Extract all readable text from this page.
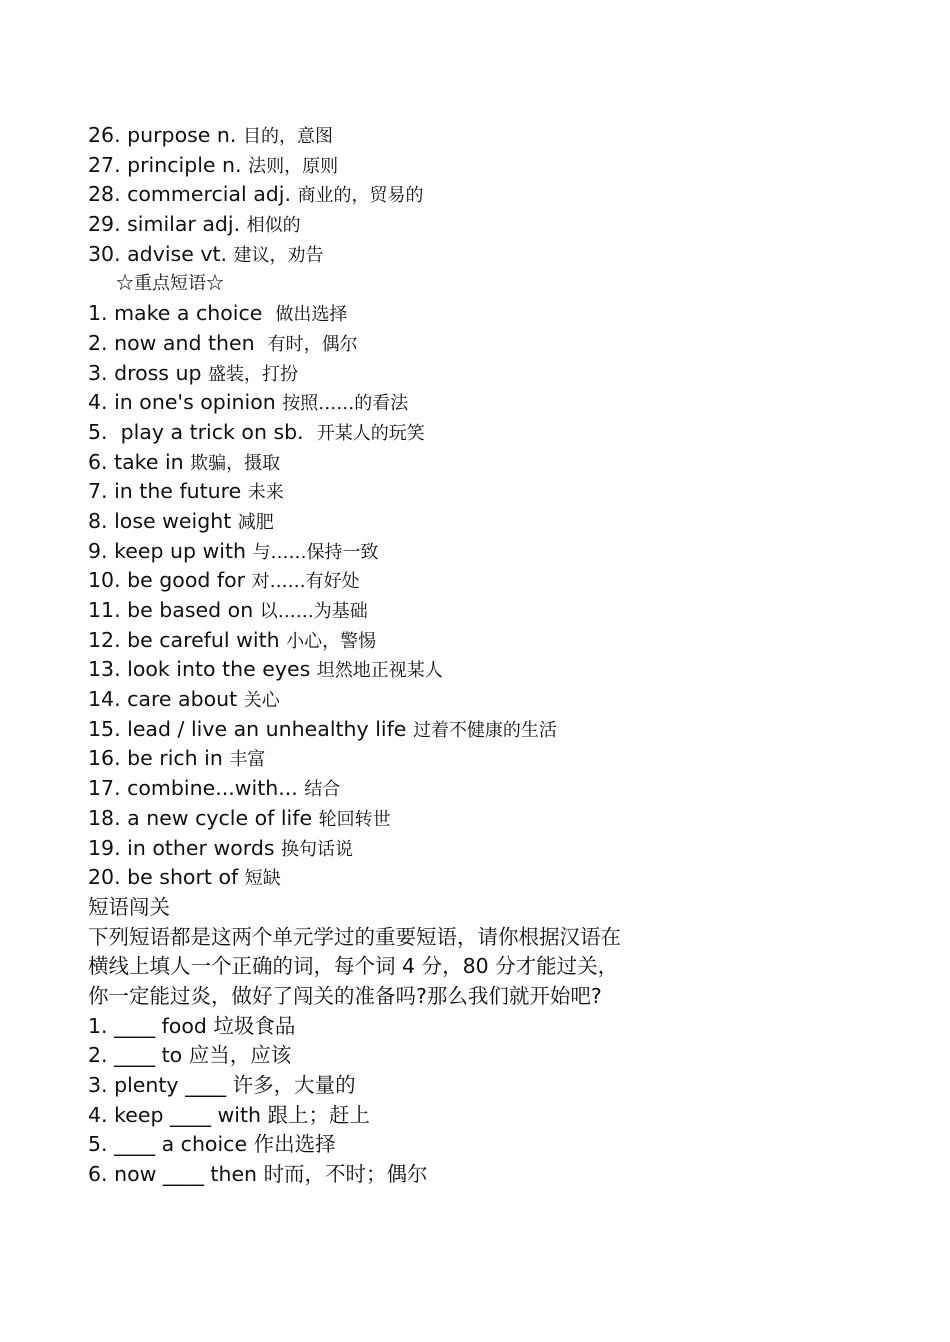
26. purpose n. 目的，意图
27. principle n. 法则，原则
28. commercial adj. 商业的，贸易的
29. similar adj. 相似的
30. advise vt. 建议，劝告
☆重点短语☆
1. make a choice  做出选择
2. now and then  有时，偶尔
3. dross up 盛装，打扮
4. in one's opinion 按照……的看法
5.  play a trick on sb.  开某人的玩笑
6. take in 欺骗，摄取
7. in the future 未来
8. lose weight 减肥
9. keep up with 与……保持一致
10. be good for 对……有好处
11. be based on 以……为基础
12. be careful with 小心，警惕
13. look into the eyes 坦然地正视某人
14. care about 关心
15. lead / live an unhealthy life 过着不健康的生活
16. be rich in 丰富
17. combine...with... 结合
18. a new cycle of life 轮回转世
19. in other words 换句话说
20. be short of 短缺
短语闯关
下列短语都是这两个单元学过的重要短语，请你根据汉语在横线上填人一个正确的词，每个词 4 分，80 分才能过关，你一定能过炎，做好了闯关的准备吗?那么我们就开始吧?
1. ____ food 垃圾食品
2. ____ to 应当，应该
3. plenty ____ 许多，大量的
4. keep ____ with 跟上；赶上
5. ____ a choice 作出选择
6. now ____ then 时而，不时；偶尔
